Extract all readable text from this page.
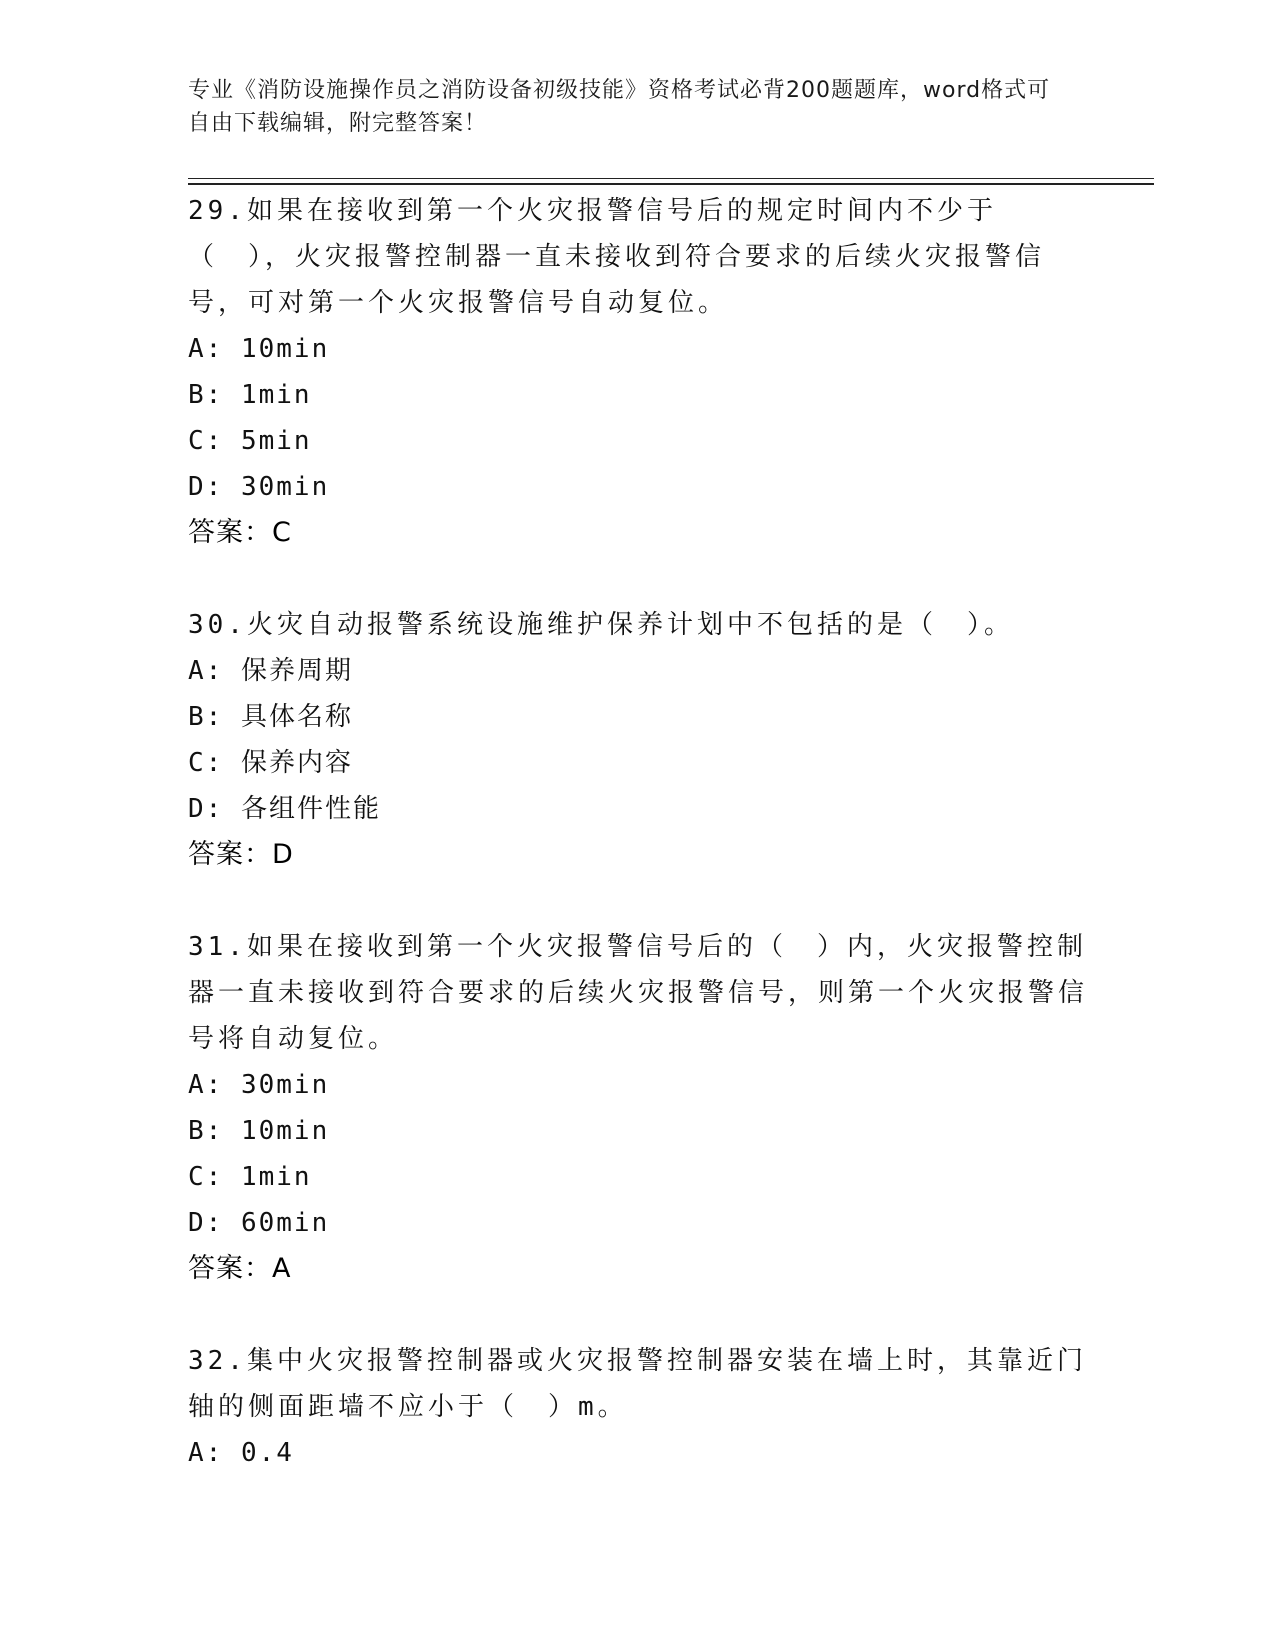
专业《消防设施操作员之消防设备初级技能》资格考试必背200题题库，word格式可自由下载编辑，附完整答案！
29.如果在接收到第一个火灾报警信号后的规定时间内不少于（　），火灾报警控制器一直未接收到符合要求的后续火灾报警信号，可对第一个火灾报警信号自动复位。
A: 10min
B: 1min
C: 5min
D: 30min
答案：C
30.火灾自动报警系统设施维护保养计划中不包括的是（　）。
A: 保养周期
B: 具体名称
C: 保养内容
D: 各组件性能
答案：D
31.如果在接收到第一个火灾报警信号后的（　）内，火灾报警控制器一直未接收到符合要求的后续火灾报警信号，则第一个火灾报警信号将自动复位。
A: 30min
B: 10min
C: 1min
D: 60min
答案：A
32.集中火灾报警控制器或火灾报警控制器安装在墙上时，其靠近门轴的侧面距墙不应小于（　）m。
A: 0.4
